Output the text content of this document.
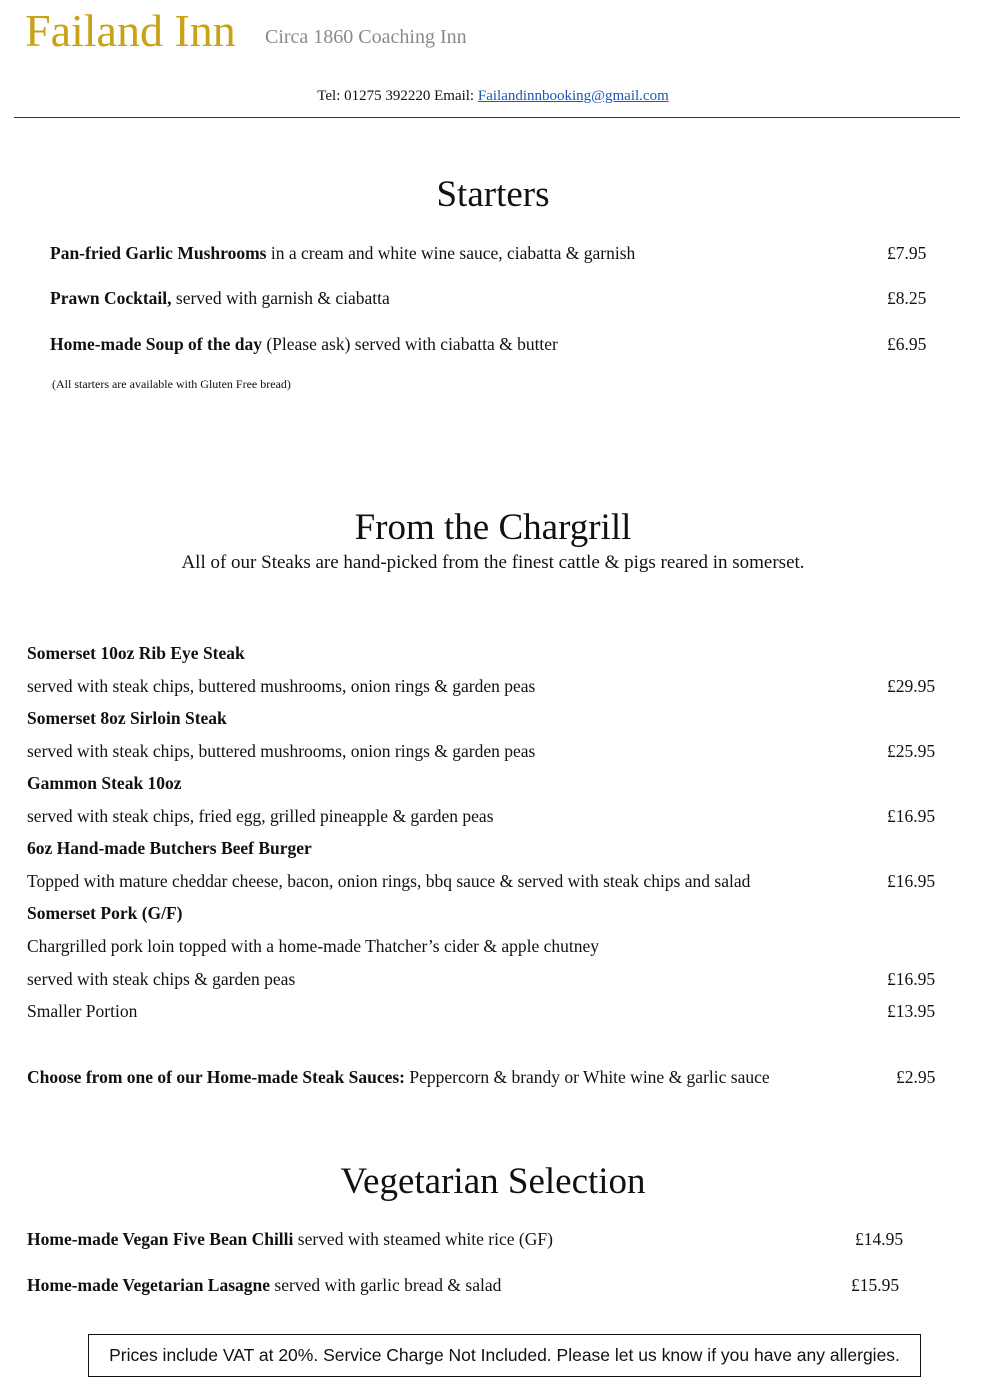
Failand Inn Circa 1860 Coaching Inn
Tel: 01275 392220 Email: Failandinnbooking@gmail.com
Starters
Pan-fried Garlic Mushrooms in a cream and white wine sauce, ciabatta & garnish	£7.95
Prawn Cocktail, served with garnish & ciabatta	£8.25
Home-made Soup of the day (Please ask) served with ciabatta & butter	£6.95
(All starters are available with Gluten Free bread)
From the Chargrill
All of our Steaks are hand-picked from the finest cattle & pigs reared in somerset.
Somerset 10oz Rib Eye Steak
served with steak chips, buttered mushrooms, onion rings & garden peas	£29.95
Somerset 8oz Sirloin Steak
served with steak chips, buttered mushrooms, onion rings & garden peas	£25.95
Gammon Steak 10oz
served with steak chips, fried egg, grilled pineapple & garden peas	£16.95
6oz Hand-made Butchers Beef Burger
Topped with mature cheddar cheese, bacon, onion rings, bbq sauce & served with steak chips and salad	£16.95
Somerset Pork (G/F)
Chargrilled pork loin topped with a home-made Thatcher’s cider & apple chutney
served with steak chips & garden peas	£16.95
Smaller Portion	£13.95
Choose from one of our Home-made Steak Sauces: Peppercorn & brandy or White wine & garlic sauce	£2.95
Vegetarian Selection
Home-made Vegan Five Bean Chilli served with steamed white rice (GF)	£14.95
Home-made Vegetarian Lasagne served with garlic bread & salad	£15.95
Prices include VAT at 20%. Service Charge Not Included. Please let us know if you have any allergies.
